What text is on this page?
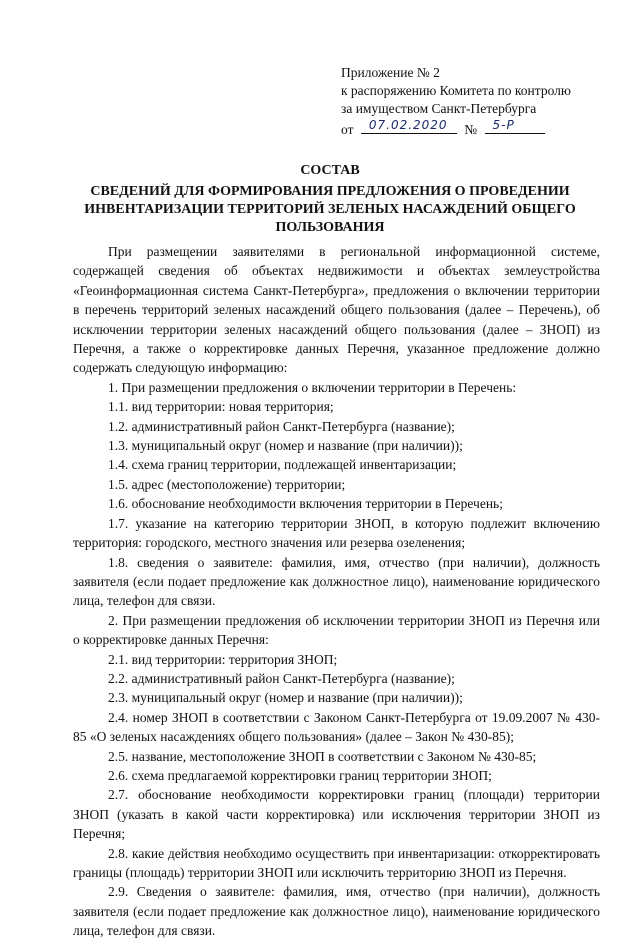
Приложение № 2
к распоряжению Комитета по контролю
за имуществом Санкт-Петербурга
от 07.02.2020 № 5-Р
СОСТАВ
СВЕДЕНИЙ ДЛЯ ФОРМИРОВАНИЯ ПРЕДЛОЖЕНИЯ О ПРОВЕДЕНИИ ИНВЕНТАРИЗАЦИИ ТЕРРИТОРИЙ ЗЕЛЕНЫХ НАСАЖДЕНИЙ ОБЩЕГО ПОЛЬЗОВАНИЯ

При размещении заявителями в региональной информационной системе, содержащей сведения об объектах недвижимости и объектах землеустройства «Геоинформационная система Санкт-Петербурга», предложения о включении территории в перечень территорий зеленых насаждений общего пользования (далее – Перечень), об исключении территории зеленых насаждений общего пользования (далее – ЗНОП) из Перечня, а также о корректировке данных Перечня, указанное предложение должно содержать следующую информацию:

1. При размещении предложения о включении территории в Перечень:

1.1. вид территории: новая территория;

1.2. административный район Санкт-Петербурга (название);

1.3. муниципальный округ (номер и название (при наличии));

1.4. схема границ территории, подлежащей инвентаризации;

1.5. адрес (местоположение) территории;

1.6. обоснование необходимости включения территории в Перечень;

1.7. указание на категорию территории ЗНОП, в которую подлежит включению территория: городского, местного значения или резерва озеленения;

1.8. сведения о заявителе: фамилия, имя, отчество (при наличии), должность заявителя (если подает предложение как должностное лицо), наименование юридического лица, телефон для связи.

2. При размещении предложения об исключении территории ЗНОП из Перечня или о корректировке данных Перечня:

2.1. вид территории: территория ЗНОП;

2.2. административный район Санкт-Петербурга (название);

2.3. муниципальный округ (номер и название (при наличии));

2.4. номер ЗНОП в соответствии с Законом Санкт-Петербурга от 19.09.2007 № 430-85 «О зеленых насаждениях общего пользования» (далее – Закон № 430-85);

2.5. название, местоположение ЗНОП в соответствии с Законом № 430-85;

2.6. схема предлагаемой корректировки границ территории ЗНОП;

2.7. обоснование необходимости корректировки границ (площади) территории ЗНОП (указать в какой части корректировка) или исключения территории ЗНОП из Перечня;

2.8. какие действия необходимо осуществить при инвентаризации: откорректировать границы (площадь) территории ЗНОП или исключить территорию ЗНОП из Перечня.

2.9. Сведения о заявителе: фамилия, имя, отчество (при наличии), должность заявителя (если подает предложение как должностное лицо), наименование юридического лица, телефон для связи.
